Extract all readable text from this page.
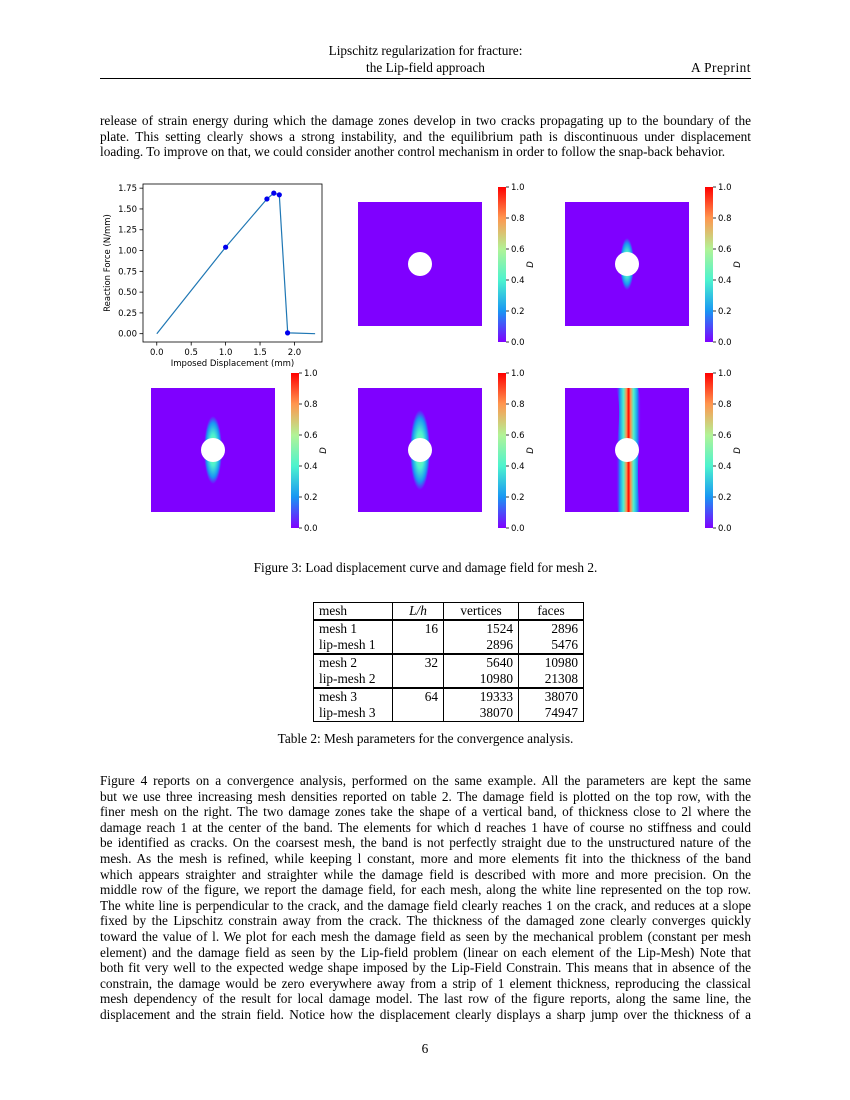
Lipschitz regularization for fracture:
the Lip-field approach	A Preprint
release of strain energy during which the damage zones develop in two cracks propagating up to the boundary of the
plate. This setting clearly shows a strong instability, and the equilibrium path is discontinuous under displacement
loading. To improve on that, we could consider another control mechanism in order to follow the snap-back behavior.
0.0 0.5 1.0 1.5 2.0
0.00
0.25
0.50
0.75
1.00
1.25
1.50
1.75
Imposed Displacement (mm)
Reaction Force (N/mm)
1.0
0.8
0.6
0.4
0.2
0.0
D
1.0
0.8
0.6
0.4
0.2
0.0
D
1.0
0.8
0.6
0.4
0.2
0.0
D
1.0
0.8
0.6
0.4
0.2
0.0
D
1.0
0.8
0.6
0.4
0.2
0.0
D
Figure 3: Load displacement curve and damage field for mesh 2.
mesh	L/h	vertices	faces
mesh 1	16	1524	2896
lip-mesh 1		2896	5476
mesh 2	32	5640	10980
lip-mesh 2		10980	21308
mesh 3	64	19333	38070
lip-mesh 3		38070	74947
Table 2: Mesh parameters for the convergence analysis.
Figure 4 reports on a convergence analysis, performed on the same example. All the parameters are kept the same
but we use three increasing mesh densities reported on table 2. The damage field is plotted on the top row, with the
finer mesh on the right. The two damage zones take the shape of a vertical band, of thickness close to 2l where the
damage reach 1 at the center of the band. The elements for which d reaches 1 have of course no stiffness and could
be identified as cracks. On the coarsest mesh, the band is not perfectly straight due to the unstructured nature of the
mesh. As the mesh is refined, while keeping l constant, more and more elements fit into the thickness of the band
which appears straighter and straighter while the damage field is described with more and more precision. On the
middle row of the figure, we report the damage field, for each mesh, along the white line represented on the top row.
The white line is perpendicular to the crack, and the damage field clearly reaches 1 on the crack, and reduces at a slope
fixed by the Lipschitz constrain away from the crack. The thickness of the damaged zone clearly converges quickly
toward the value of l. We plot for each mesh the damage field as seen by the mechanical problem (constant per mesh
element) and the damage field as seen by the Lip-field problem (linear on each element of the Lip-Mesh) Note that
both fit very well to the expected wedge shape imposed by the Lip-Field Constrain. This means that in absence of the
constrain, the damage would be zero everywhere away from a strip of 1 element thickness, reproducing the classical
mesh dependency of the result for local damage model. The last row of the figure reports, along the same line, the
displacement and the strain field. Notice how the displacement clearly displays a sharp jump over the thickness of a
6
